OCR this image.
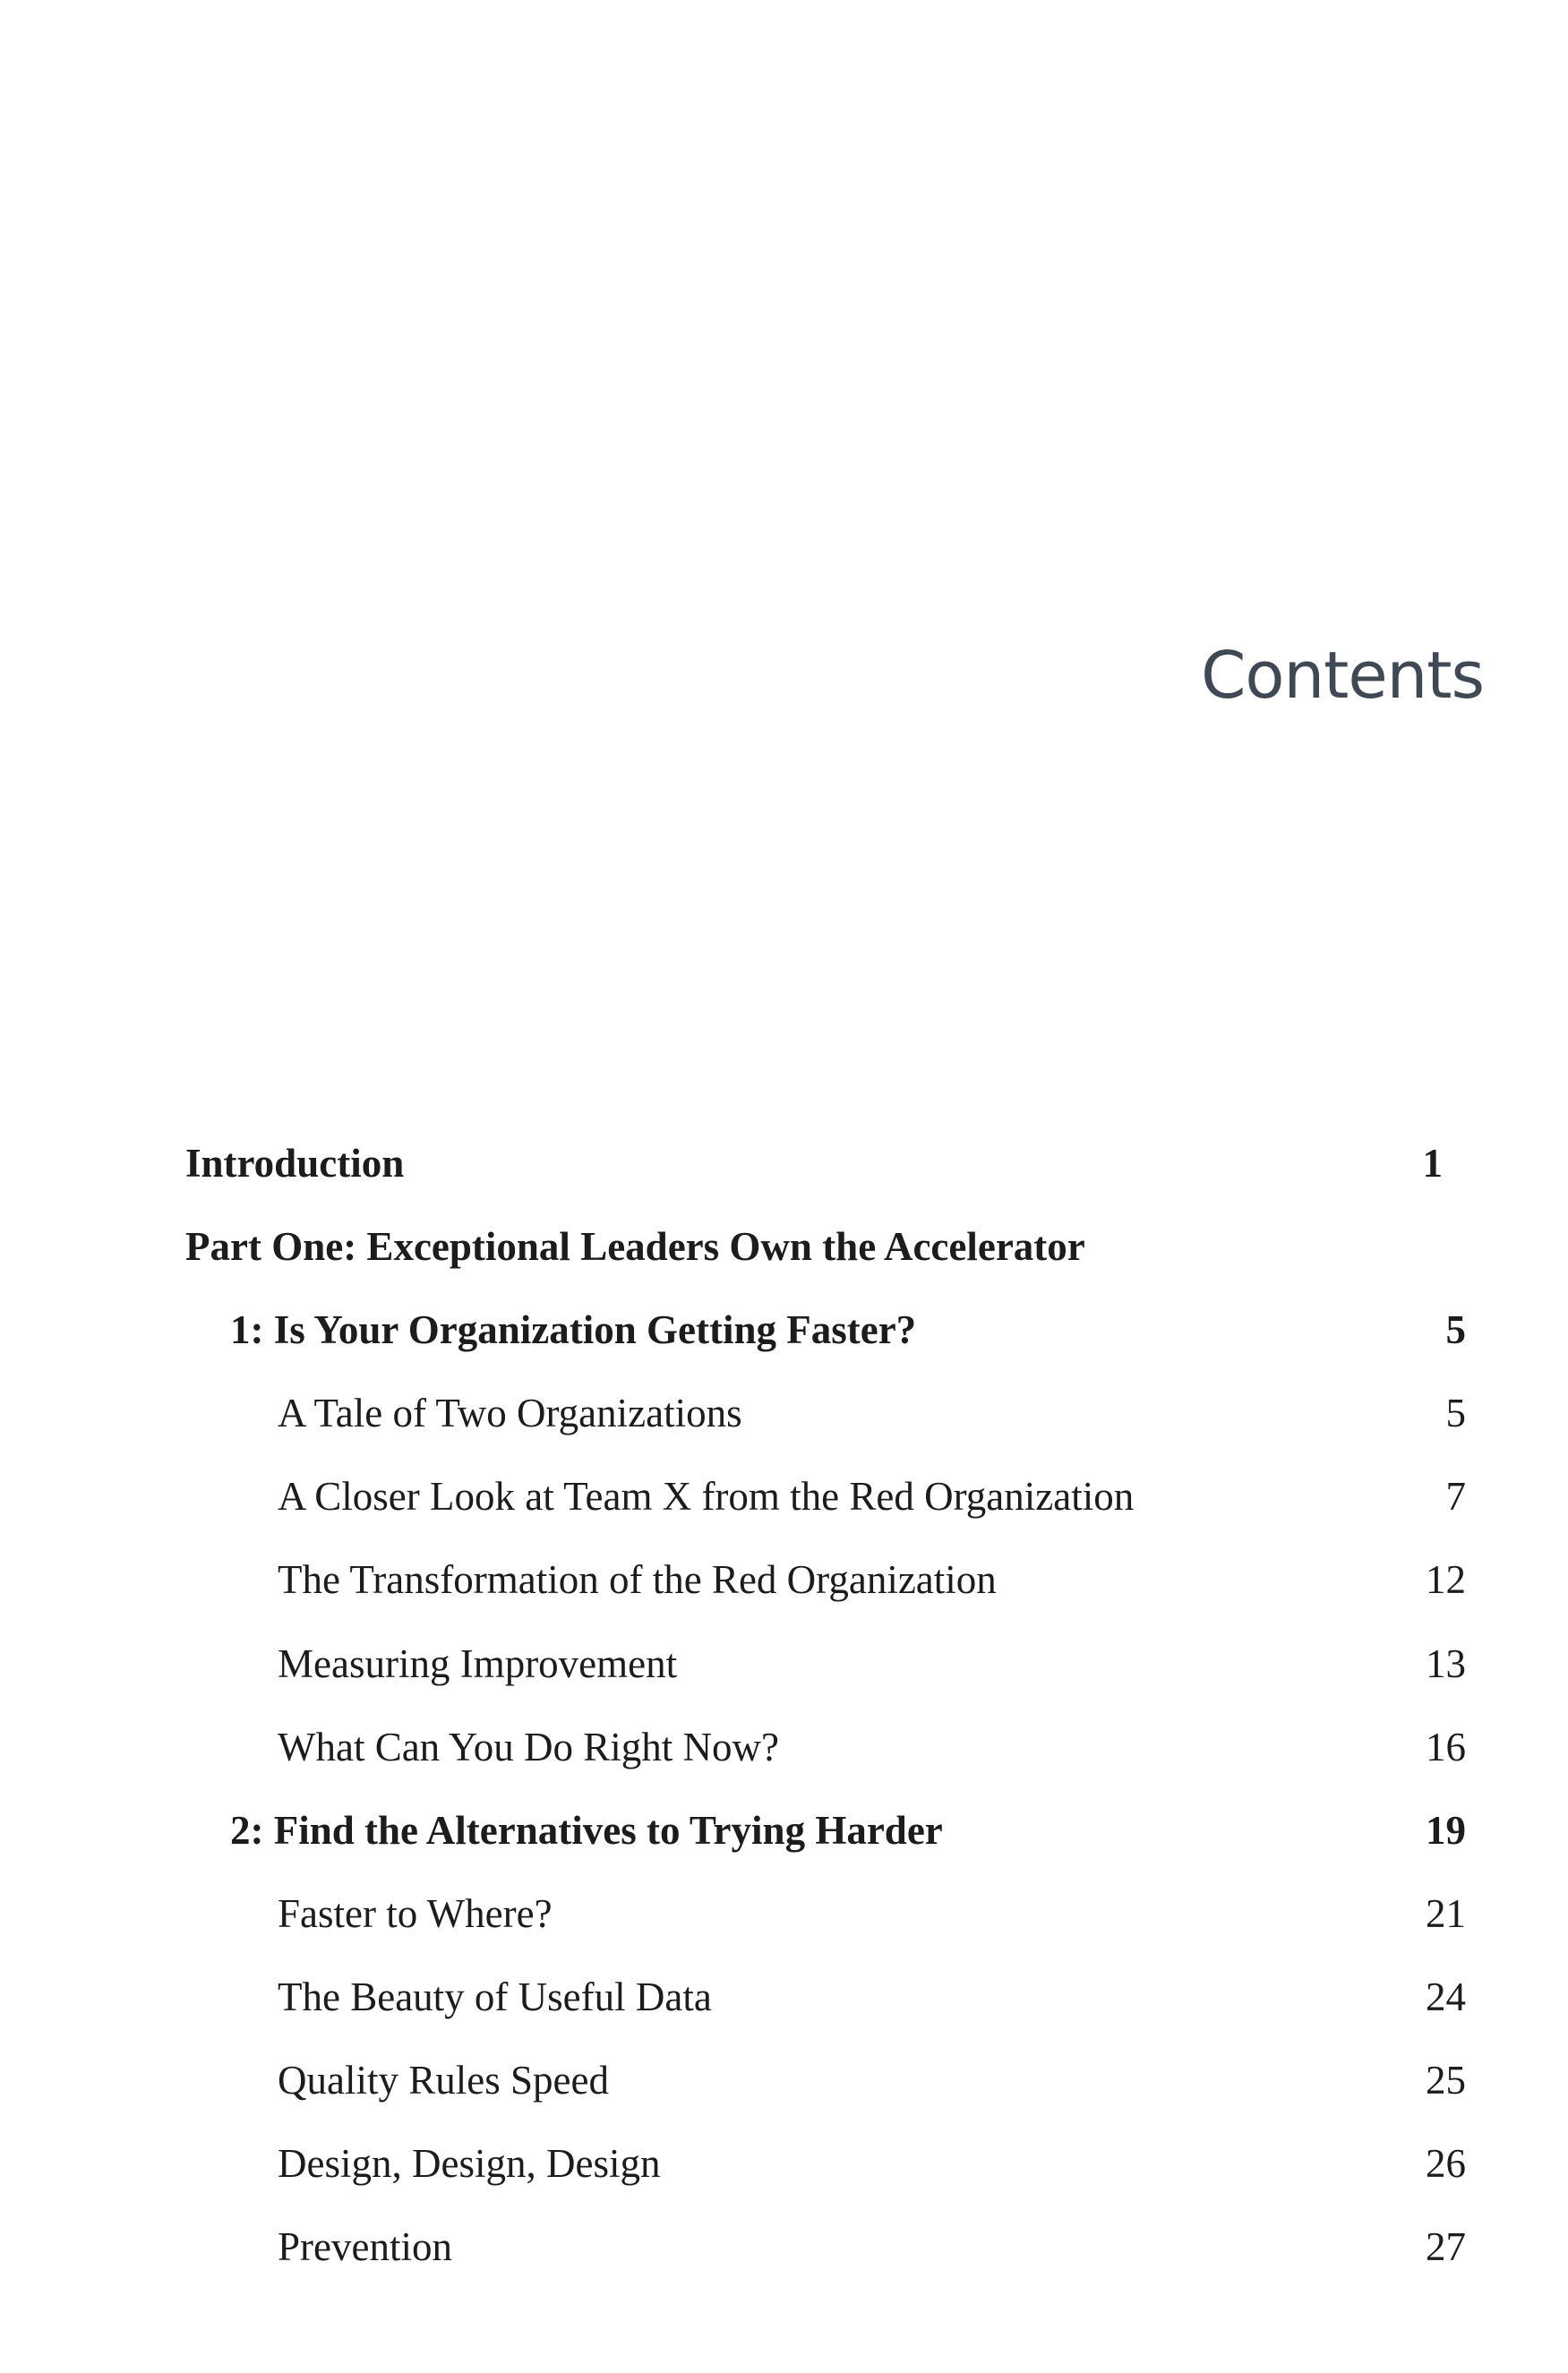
Contents
Introduction	1
Part One: Exceptional Leaders Own the Accelerator
1: Is Your Organization Getting Faster?	5
A Tale of Two Organizations	5
A Closer Look at Team X from the Red Organization	7
The Transformation of the Red Organization	12
Measuring Improvement	13
What Can You Do Right Now?	16
2: Find the Alternatives to Trying Harder	19
Faster to Where?	21
The Beauty of Useful Data	24
Quality Rules Speed	25
Design, Design, Design	26
Prevention	27
